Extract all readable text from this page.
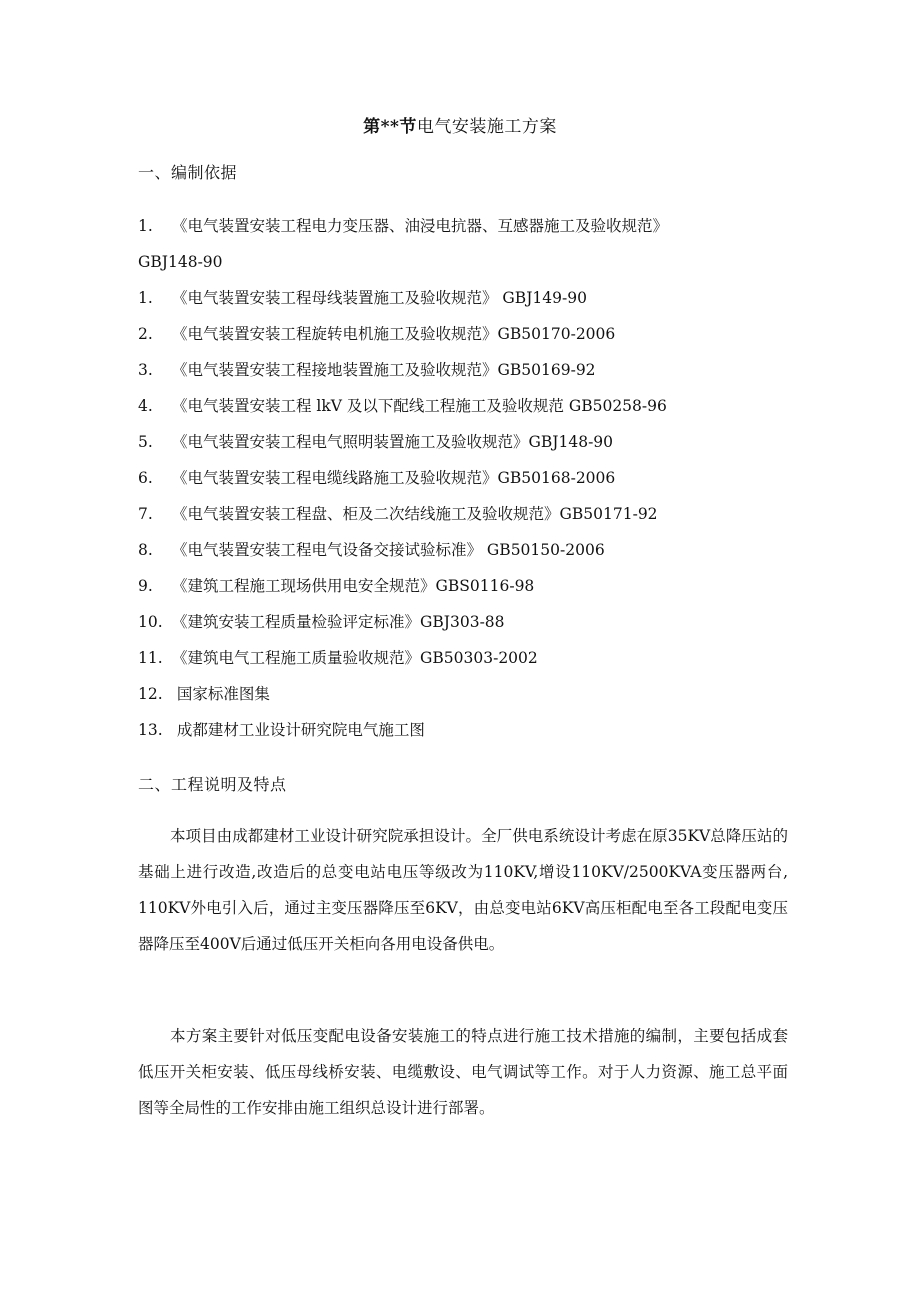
第**节电气安装施工方案
一、编制依据
1. 《电气装置安装工程电力变压器、油浸电抗器、互感器施工及验收规范》
GBJ148-90
1. 《电气装置安装工程母线装置施工及验收规范》 GBJ149-90
2. 《电气装置安装工程旋转电机施工及验收规范》GB50170-2006
3. 《电气装置安装工程接地装置施工及验收规范》GB50169-92
4. 《电气装置安装工程 lkV 及以下配线工程施工及验收规范 GB50258-96
5. 《电气装置安装工程电气照明装置施工及验收规范》GBJ148-90
6. 《电气装置安装工程电缆线路施工及验收规范》GB50168-2006
7. 《电气装置安装工程盘、柜及二次结线施工及验收规范》GB50171-92
8. 《电气装置安装工程电气设备交接试验标准》 GB50150-2006
9. 《建筑工程施工现场供用电安全规范》GBS0116-98
10. 《建筑安装工程质量检验评定标准》GBJ303-88
11. 《建筑电气工程施工质量验收规范》GB50303-2002
12. 国家标准图集
13. 成都建材工业设计研究院电气施工图
二、工程说明及特点

本项目由成都建材工业设计研究院承担设计。全厂供电系统设计考虑在原35KV总降压站的基础上进行改造,改造后的总变电站电压等级改为110KV,增设110KV/2500KVA变压器两台, 110KV外电引入后，通过主变压器降压至6KV，由总变电站6KV高压柜配电至各工段配电变压器降压至400V后通过低压开关柜向各用电设备供电。

本方案主要针对低压变配电设备安装施工的特点进行施工技术措施的编制，主要包括成套低压开关柜安装、低压母线桥安装、电缆敷设、电气调试等工作。对于人力资源、施工总平面图等全局性的工作安排由施工组织总设计进行部署。
